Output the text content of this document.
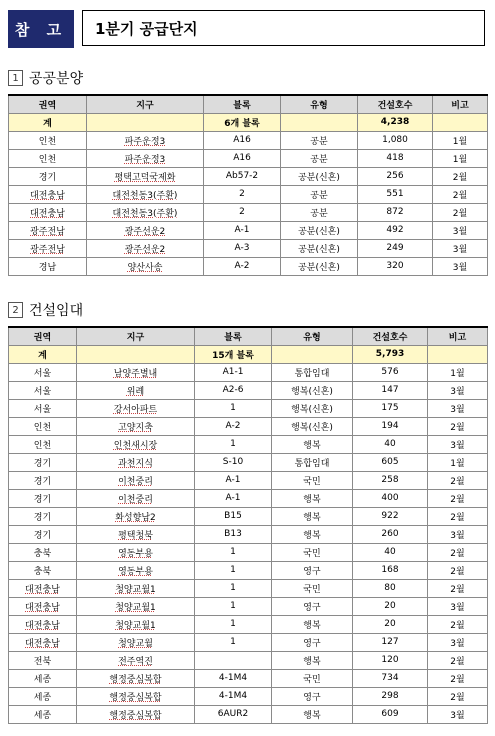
참 고	1분기 공급단지
1 공공분양
권역	지구	블록	유형	건설호수	비고
계		6개 블록		4,238	
인천	파주운정3	A16	공분	1,080	1월
인천	파주운정3	A16	공분	418	1월
경기	평택고덕국제화	Ab57-2	공분(신혼)	256	2월
대전충남	대전천동3(주환)	2	공분	551	2월
대전충남	대전천동3(주환)	2	공분	872	2월
광주전남	광주선운2	A-1	공분(신혼)	492	3월
광주전남	광주선운2	A-3	공분(신혼)	249	3월
경남	양산사송	A-2	공분(신혼)	320	3월
2 건설임대
권역	지구	블록	유형	건설호수	비고
계		15개 블록		5,793	
서울	남양주별내	A1-1	통합임대	576	1월
서울	위례	A2-6	행복(신혼)	147	3월
서울	강서아파트	1	행복(신혼)	175	3월
인천	고양지축	A-2	행복(신혼)	194	2월
인천	인천새시장	1	행복	40	3월
경기	과천지식	S-10	통합임대	605	1월
경기	이천중리	A-1	국민	258	2월
경기	이천중리	A-1	행복	400	2월
경기	화성향남2	B15	행복	922	2월
경기	평택청북	B13	행복	260	3월
충북	영동부용	1	국민	40	2월
충북	영동부용	1	영구	168	2월
대전충남	청양교월1	1	국민	80	2월
대전충남	청양교월1	1	영구	20	3월
대전충남	청양교월1	1	행복	20	2월
대전충남	청양교월	1	영구	127	3월
전북	전주역진		행복	120	2월
세종	행정중심복합	4-1M4	국민	734	2월
세종	행정중심복합	4-1M4	영구	298	2월
세종	행정중심복합	6AUR2	행복	609	3월
